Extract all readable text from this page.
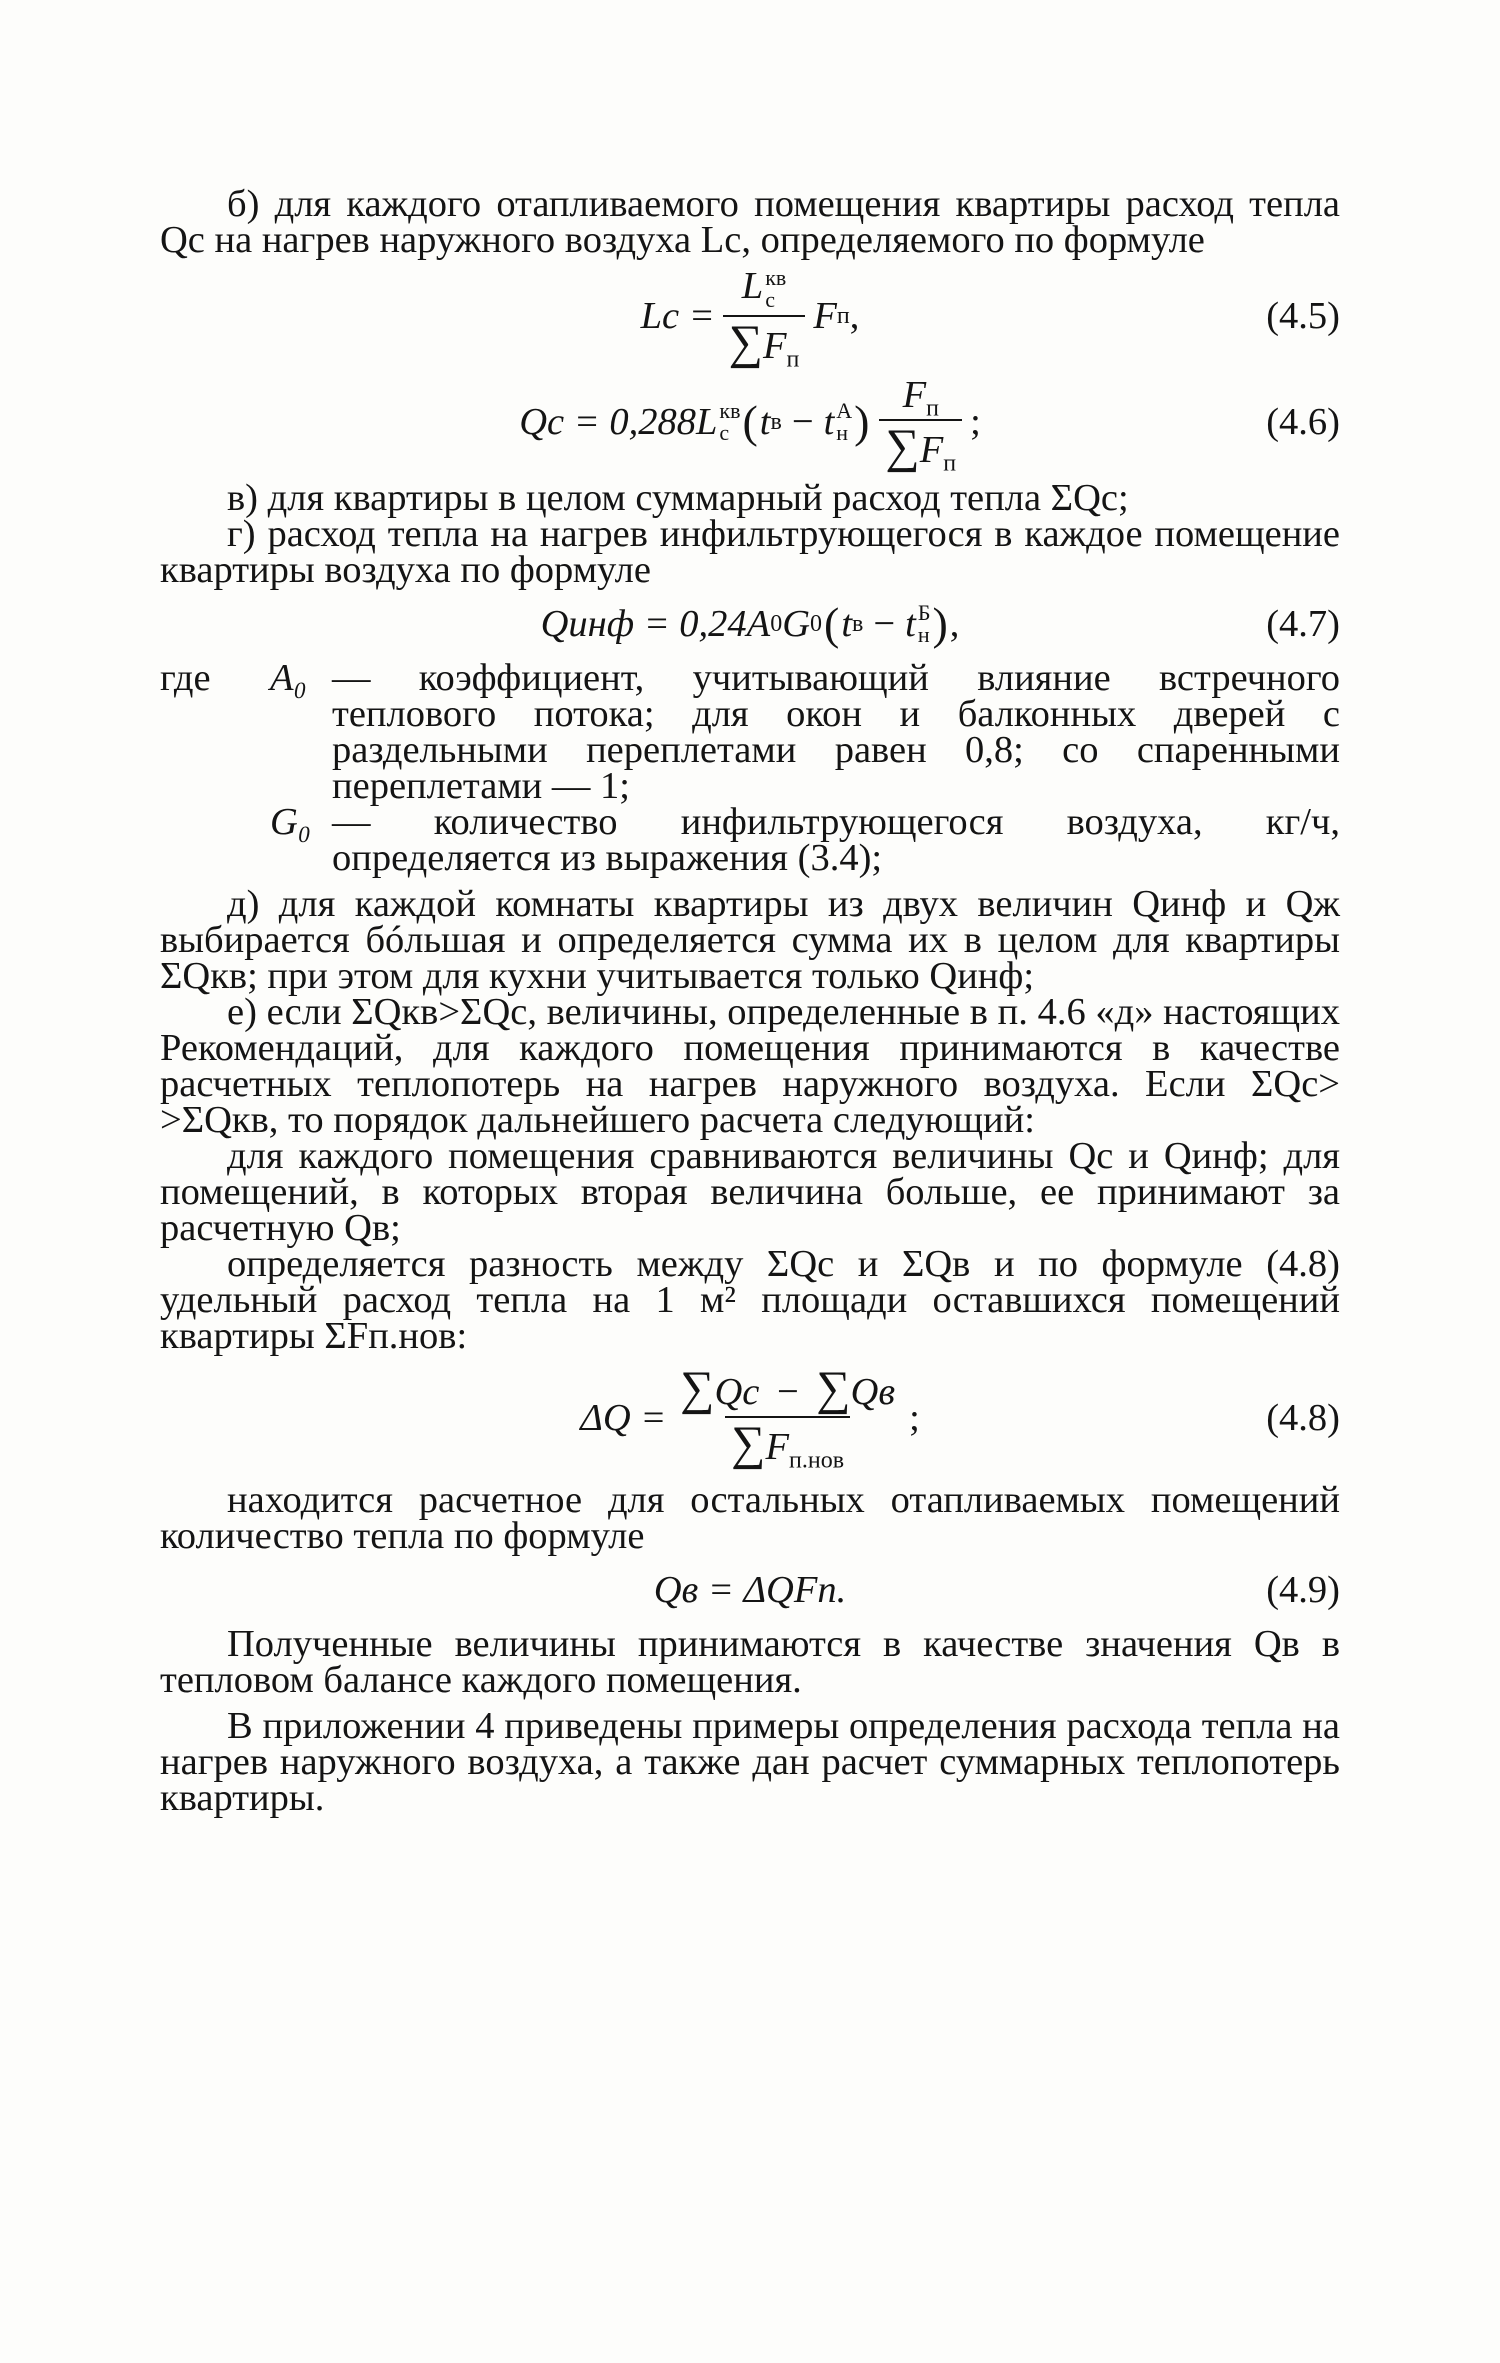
б) для каждого отапливаемого помещения квартиры расход тепла Qс на нагрев наружного воздуха Lс, определяемого по формуле

Lс = L кв
с
$\sum F_п$ F п ,	(4.5)
Qс = 0,288 L кв
с ( t в − t А
н ) $\frac{F_п}{\sum F_п}$ ;	(4.6)

в) для квартиры в целом суммарный расход тепла ΣQс;

г) расход тепла на нагрев инфильтрующегося в каждое помещение квартиры воздуха по формуле

Qинф = 0,24 A 0 G 0 ( t в − t Б
н ) ,	(4.7)
где	A₀ — коэффициент, учитывающий влияние встречного теплового потока; для окон и балконных дверей с раздельными переплетами равен 0,8; со спаренными переплетами — 1;
G₀ — количество инфильтрующегося воздуха, кг/ч, определяется из выражения (3.4);

д) для каждой комнаты квартиры из двух величин Qинф и Qж выбирается бóльшая и определяется сумма их в целом для квартиры ΣQкв; при этом для кухни учитывается только Qинф;

е) если ΣQкв>ΣQс, величины, определенные в п. 4.6 «д» настоящих Рекомендаций, для каждого помещения принимаются в качестве расчетных теплопотерь на нагрев наружного воздуха. Если ΣQс> >ΣQкв, то порядок дальнейшего расчета следующий:

для каждого помещения сравниваются величины Qс и Qинф; для помещений, в которых вторая величина больше, ее принимают за расчетную Qв;

определяется разность между ΣQс и ΣQв и по формуле (4.8) удельный расход тепла на 1 м² площади оставшихся помещений квартиры ΣFп.нов:

$\Delta Q = \frac{\sum Qс - \sum Qв}{\sum F_{п.нов}}$ ;	(4.8)

находится расчетное для остальных отапливаемых помещений количество тепла по формуле

Qв = ΔQFп.	(4.9)

Полученные величины принимаются в качестве значения Qв в тепловом балансе каждого помещения.

В приложении 4 приведены примеры определения расхода тепла на нагрев наружного воздуха, а также дан расчет суммарных теплопотерь квартиры.
